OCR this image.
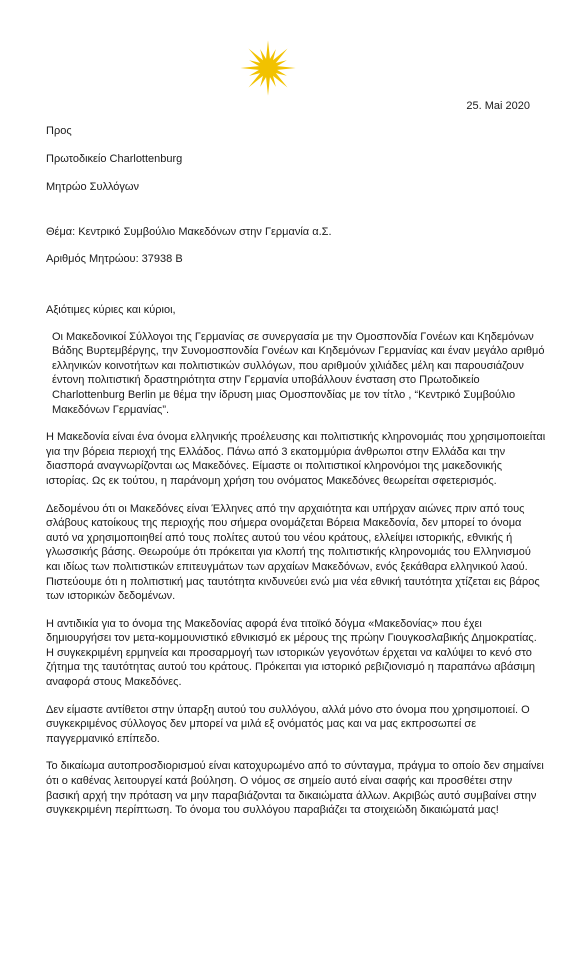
25. Mai 2020
Προς
Πρωτοδικείο Charlottenburg
Μητρώο Συλλόγων
Θέμα: Κεντρικό Συμβούλιο Μακεδόνων στην Γερμανία α.Σ.
Αριθμός Μητρώου: 37938 B

Αξιότιμες κύριες και κύριοι,

Οι Μακεδονικοί Σύλλογοι της Γερμανίας σε συνεργασία με την Ομοσπονδία Γονέων και Κηδεμόνων Βάδης Βυρτεμβέργης, την Συνομοσπονδία Γονέων και Κηδεμόνων Γερμανίας και έναν μεγάλο αριθμό ελληνικών κοινοτήτων και πολιτιστικών συλλόγων, που αριθμούν χιλιάδες μέλη και παρουσιάζουν έντονη πολιτιστική δραστηριότητα στην Γερμανία υποβάλλουν ένσταση στο Πρωτοδικείο Charlottenburg Berlin με θέμα την ίδρυση μιας Ομοσπονδίας με τον τίτλο , “Κεντρικό Συμβούλιο Μακεδόνων Γερμανίας”.

Η Μακεδονία είναι ένα όνομα ελληνικής προέλευσης και πολιτιστικής κληρονομιάς που χρησιμοποιείται για την βόρεια περιοχή της Ελλάδος. Πάνω από 3 εκατομμύρια άνθρωποι στην Ελλάδα και την διασπορά αναγνωρίζονται ως Μακεδόνες. Είμαστε οι πολιτιστικοί κληρονόμοι της μακεδονικής ιστορίας. Ως εκ τούτου, η παράνομη χρήση του ονόματος Μακεδόνες θεωρείται σφετερισμός.

Δεδομένου ότι οι Μακεδόνες είναι Έλληνες από την αρχαιότητα και υπήρχαν αιώνες πριν από τους σλάβους κατοίκους της περιοχής που σήμερα ονομάζεται Βόρεια Μακεδονία, δεν μπορεί το όνομα αυτό να χρησιμοποιηθεί από τους πολίτες αυτού του νέου κράτους, ελλείψει ιστορικής, εθνικής ή γλωσσικής βάσης. Θεωρούμε ότι πρόκειται για κλοπή της πολιτιστικής κληρονομιάς του Ελληνισμού και ιδίως των πολιτιστικών επιτευγμάτων των αρχαίων Μακεδόνων, ενός ξεκάθαρα ελληνικού λαού. Πιστεύουμε ότι η πολιτιστική μας ταυτότητα κινδυνεύει ενώ μια νέα εθνική ταυτότητα χτίζεται εις βάρος των ιστορικών δεδομένων.

Η αντιδικία για το όνομα της Μακεδονίας αφορά ένα τιτοϊκό δόγμα «Μακεδονίας» που έχει δημιουργήσει τον μετα-κομμουνιστικό εθνικισμό εκ μέρους της πρώην Γιουγκοσλαβικής Δημοκρατίας. Η συγκεκριμένη ερμηνεία και προσαρμογή των ιστορικών γεγονότων έρχεται να καλύψει το κενό στο ζήτημα της ταυτότητας αυτού του κράτους. Πρόκειται για ιστορικό ρεβιζιονισμό η παραπάνω αβάσιμη αναφορά στους Μακεδόνες.

Δεν είμαστε αντίθετοι στην ύπαρξη αυτού του συλλόγου, αλλά μόνο στο όνομα που χρησιμοποιεί. Ο συγκεκριμένος σύλλογος δεν μπορεί να μιλά εξ ονόματός μας και να μας εκπροσωπεί σε παγγερμανικό επίπεδο.

Το δικαίωμα αυτοπροσδιορισμού είναι κατοχυρωμένο από το σύνταγμα, πράγμα το οποίο δεν σημαίνει ότι ο καθένας λειτουργεί κατά βούληση. Ο νόμος σε σημείο αυτό είναι σαφής και προσθέτει στην βασική αρχή την πρόταση να μην παραβιάζονται τα δικαιώματα άλλων. Ακριβώς αυτό συμβαίνει στην συγκεκριμένη περίπτωση. Το όνομα του συλλόγου παραβιάζει τα στοιχειώδη δικαιώματά μας!
